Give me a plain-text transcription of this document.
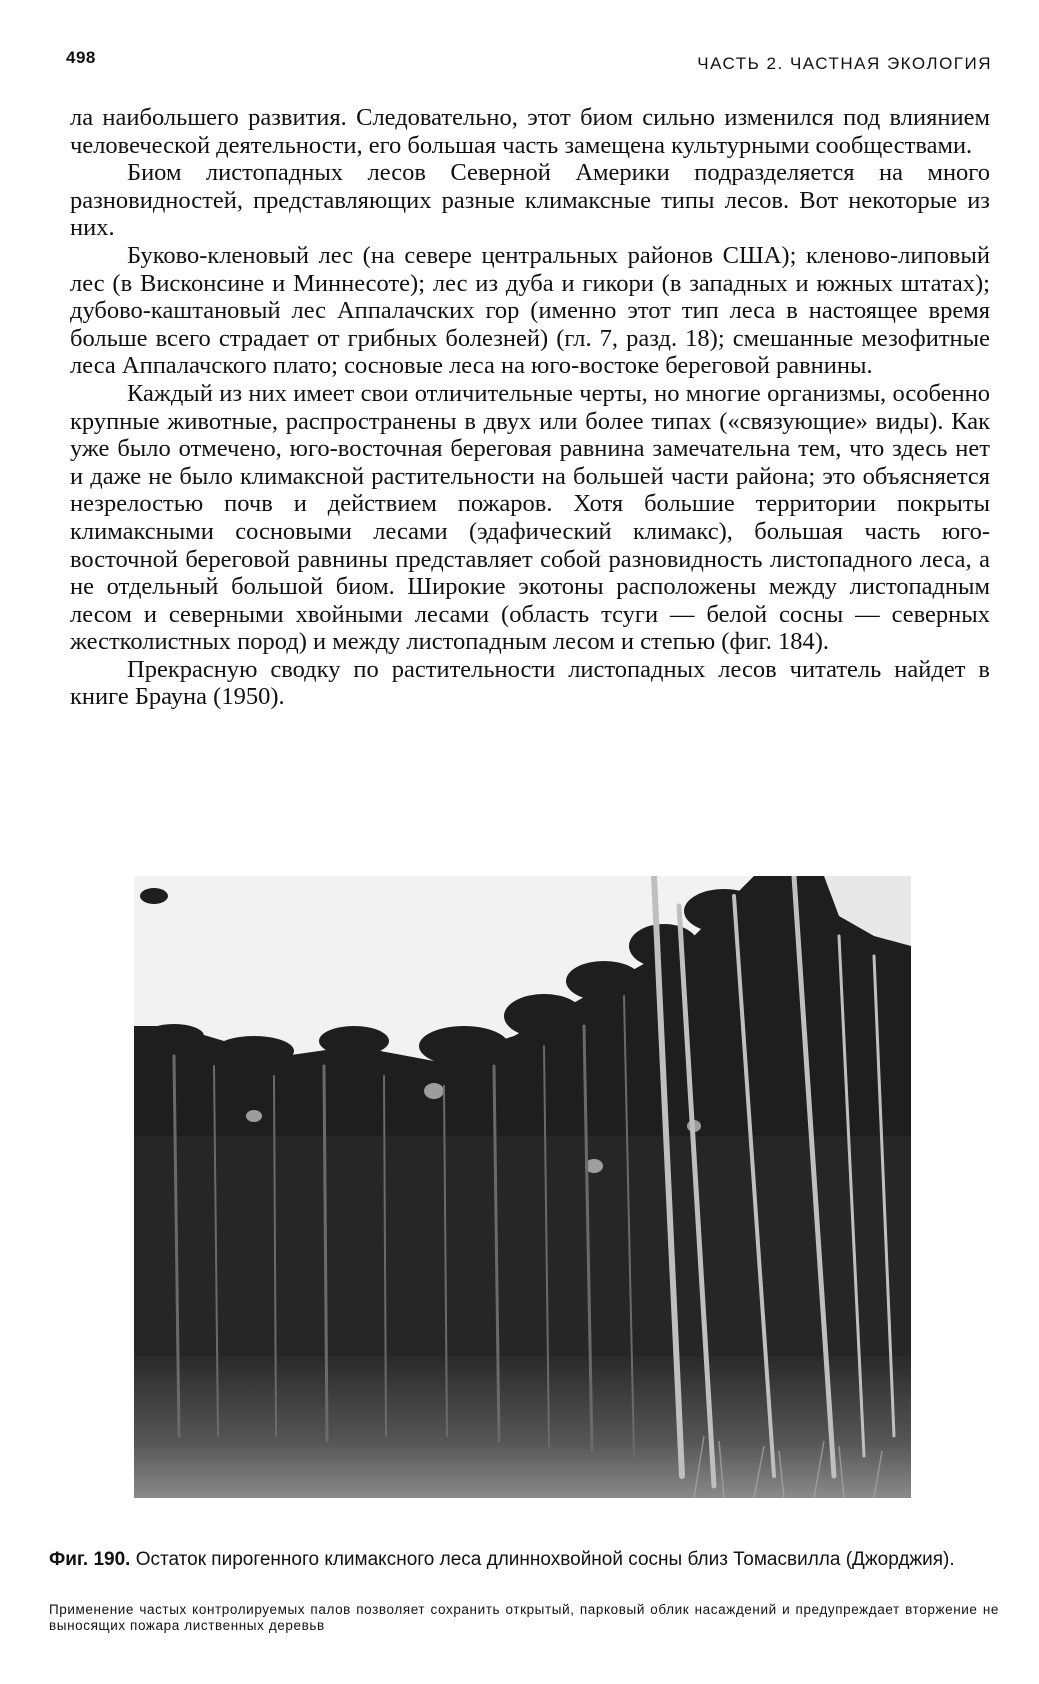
498	ЧАСТЬ 2. ЧАСТНАЯ ЭКОЛОГИЯ

ла наибольшего развития. Следовательно, этот биом сильно изменился под влиянием человеческой деятельности, его большая часть замещена культурными сообществами.

Биом листопадных лесов Северной Америки подразделяется на много разновидностей, представляющих разные климаксные типы лесов. Вот некоторые из них.

Буково-кленовый лес (на севере центральных районов США); кленово-липовый лес (в Висконсине и Миннесоте); лес из дуба и гикори (в западных и южных штатах); дубово-каштановый лес Аппалачских гор (именно этот тип леса в настоящее время больше всего страдает от грибных болезней) (гл. 7, разд. 18); смешанные мезофитные леса Аппалачского плато; сосновые леса на юго-востоке береговой равнины.

Каждый из них имеет свои отличительные черты, но многие организмы, особенно крупные животные, распространены в двух или более типах («связующие» виды). Как уже было отмечено, юго-восточная береговая равнина замечательна тем, что здесь нет и даже не было климаксной растительности на большей части района; это объясняется незрелостью почв и действием пожаров. Хотя большие территории покрыты климаксными сосновыми лесами (эдафический климакс), большая часть юго-восточной береговой равнины представляет собой разновидность листопадного леса, а не отдельный большой биом. Широкие экотоны расположены между листопадным лесом и северными хвойными лесами (область тсуги — белой сосны — северных жестколистных пород) и между листопадным лесом и степью (фиг. 184).

Прекрасную сводку по растительности листопадных лесов читатель найдет в книге Брауна (1950).

Фиг. 190. Остаток пирогенного климаксного леса длиннохвойной сосны близ Томасвилла (Джорджия).
Применение частых контролируемых палов позволяет сохранить открытый, парковый облик насаждений и предупреждает вторжение не выносящих пожара лиственных деревьв
